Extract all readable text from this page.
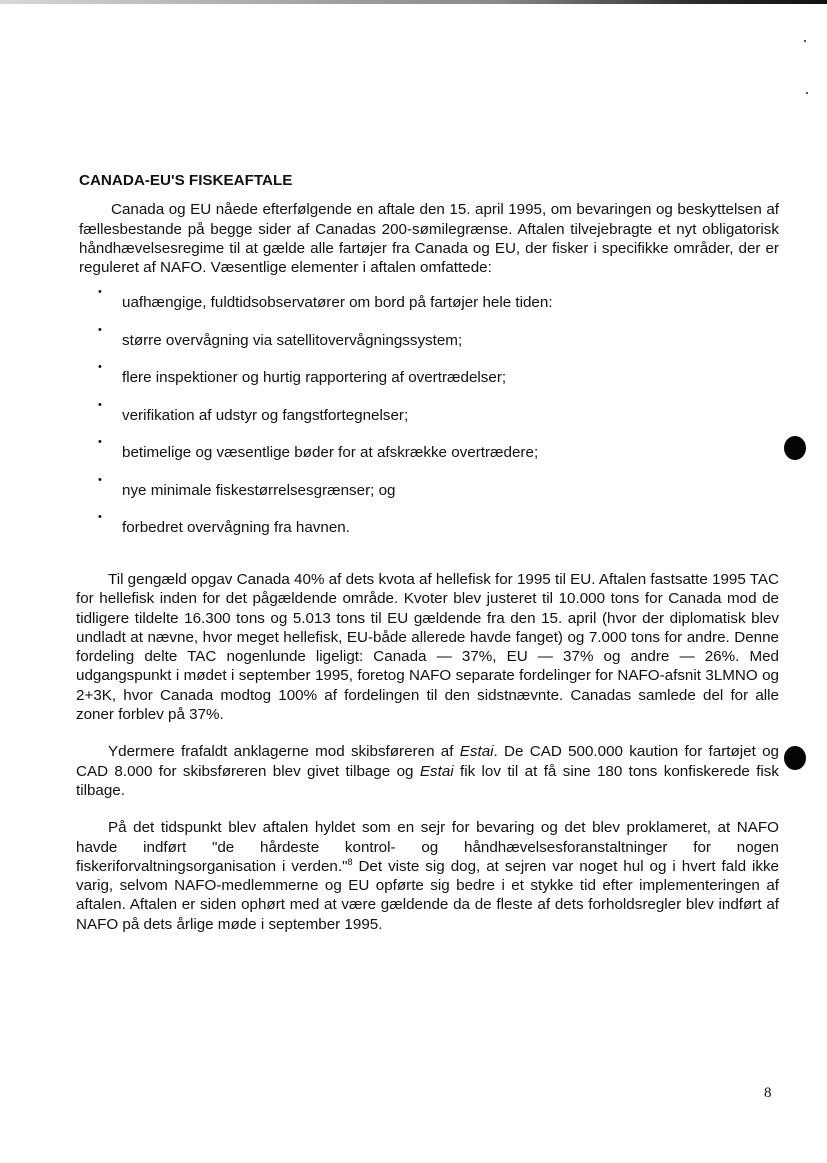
CANADA-EU'S FISKEAFTALE

Canada og EU nåede efterfølgende en aftale den 15. april 1995, om bevaringen og beskyttelsen af fællesbestande på begge sider af Canadas 200-sømilegrænse. Aftalen tilvejebragte et nyt obligatorisk håndhævelsesregime til at gælde alle fartøjer fra Canada og EU, der fisker i specifikke områder, der er reguleret af NAFO. Væsentlige elementer i aftalen omfattede:

•
uafhængige, fuldtidsobservatører om bord på fartøjer hele tiden:
•
større overvågning via satellitovervågningssystem;
•
flere inspektioner og hurtig rapportering af overtrædelser;
•
verifikation af udstyr og fangstfortegnelser;
•
betimelige og væsentlige bøder for at afskrække overtrædere;
•
nye minimale fiskestørrelsesgrænser; og
•
forbedret overvågning fra havnen.

Til gengæld opgav Canada 40% af dets kvota af hellefisk for 1995 til EU. Aftalen fastsatte 1995 TAC for hellefisk inden for det pågældende område. Kvoter blev justeret til 10.000 tons for Canada mod de tidligere tildelte 16.300 tons og 5.013 tons til EU gældende fra den 15. april (hvor der diplomatisk blev undladt at nævne, hvor meget hellefisk, EU-både allerede havde fanget) og 7.000 tons for andre. Denne fordeling delte TAC nogenlunde ligeligt: Canada — 37%, EU — 37% og andre — 26%. Med udgangspunkt i mødet i september 1995, foretog NAFO separate fordelinger for NAFO-afsnit 3LMNO og 2+3K, hvor Canada modtog 100% af fordelingen til den sidstnævnte. Canadas samlede del for alle zoner forblev på 37%.

Ydermere frafaldt anklagerne mod skibsføreren af Estai. De CAD 500.000 kaution for fartøjet og CAD 8.000 for skibsføreren blev givet tilbage og Estai fik lov til at få sine 180 tons konfiskerede fisk tilbage.

På det tidspunkt blev aftalen hyldet som en sejr for bevaring og det blev proklameret, at NAFO havde indført "de hårdeste kontrol- og håndhævelsesforanstaltninger for nogen fiskeriforvaltningsorganisation i verden."$^8$ Det viste sig dog, at sejren var noget hul og i hvert fald ikke varig, selvom NAFO-medlemmerne og EU opførte sig bedre i et stykke tid efter implementeringen af aftalen. Aftalen er siden ophørt med at være gældende da de fleste af dets forholdsregler blev indført af NAFO på dets årlige møde i september 1995.

8
